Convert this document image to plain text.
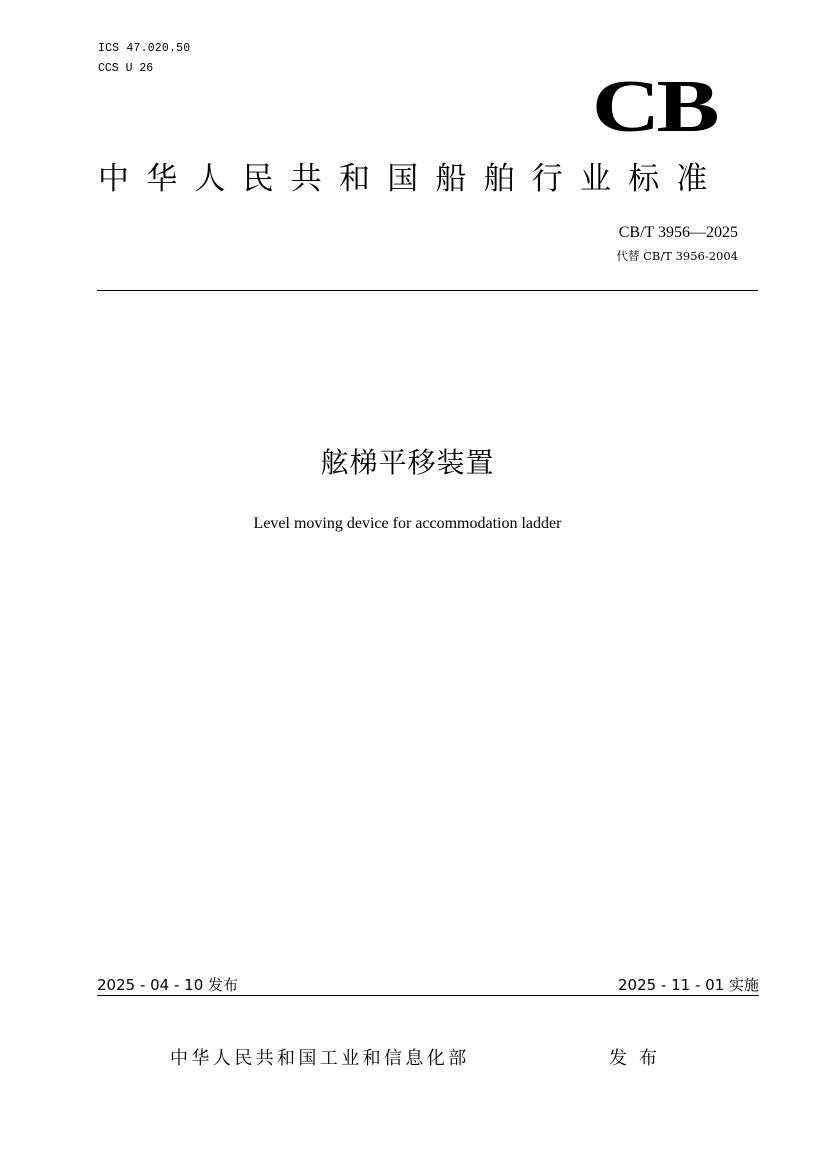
ICS 47.020.50
CCS U 26	CB
中华人民共和国船舶行业标准
CB/T 3956—2025
代替 CB/T 3956-2004
舷梯平移装置
Level moving device for accommodation ladder
2025 - 04 - 10 发布	2025 - 11 - 01 实施
中华人民共和国工业和信息化部	发布
